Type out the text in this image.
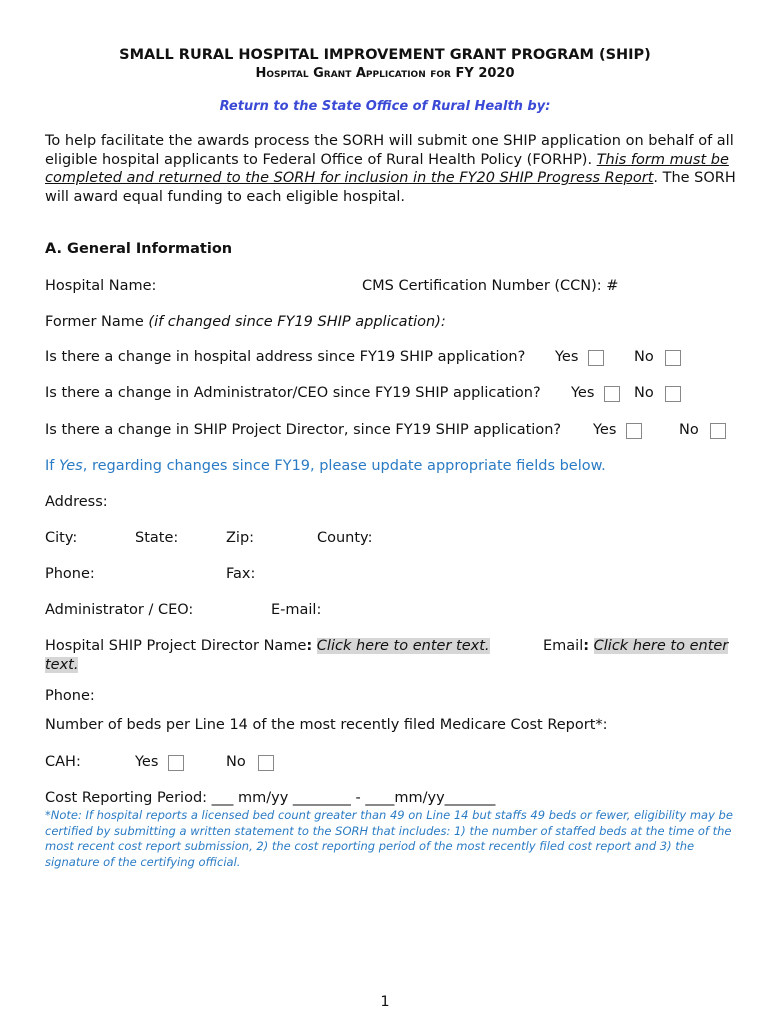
SMALL RURAL HOSPITAL IMPROVEMENT GRANT PROGRAM (SHIP)
Hospital Grant Application for FY 2020
Return to the State Office of Rural Health by:
To help facilitate the awards process the SORH will submit one SHIP application on behalf of all eligible hospital applicants to Federal Office of Rural Health Policy (FORHP). This form must be completed and returned to the SORH for inclusion in the FY20 SHIP Progress Report. The SORH will award equal funding to each eligible hospital.
A. General Information
Hospital Name:	CMS Certification Number (CCN): #
Former Name (if changed since FY19 SHIP application):
Is there a change in hospital address since FY19 SHIP application? Yes	No
Is there a change in Administrator/CEO since FY19 SHIP application? Yes	No
Is there a change in SHIP Project Director, since FY19 SHIP application? Yes	No
If Yes, regarding changes since FY19, please update appropriate fields below.
Address:
City:	State:	Zip:	County:
Phone:	Fax:
Administrator / CEO:	E-mail:
Hospital SHIP Project Director Name: Click here to enter text.	Email: Click here to enter
text.
Phone:
Number of beds per Line 14 of the most recently filed Medicare Cost Report*:
CAH:	Yes	No
Cost Reporting Period: ___ mm/yy ________ - ____mm/yy_______
*Note: If hospital reports a licensed bed count greater than 49 on Line 14 but staffs 49 beds or fewer, eligibility may be certified by submitting a written statement to the SORH that includes: 1) the number of staffed beds at the time of the most recent cost report submission, 2) the cost reporting period of the most recently filed cost report and 3) the signature of the certifying official.
1
